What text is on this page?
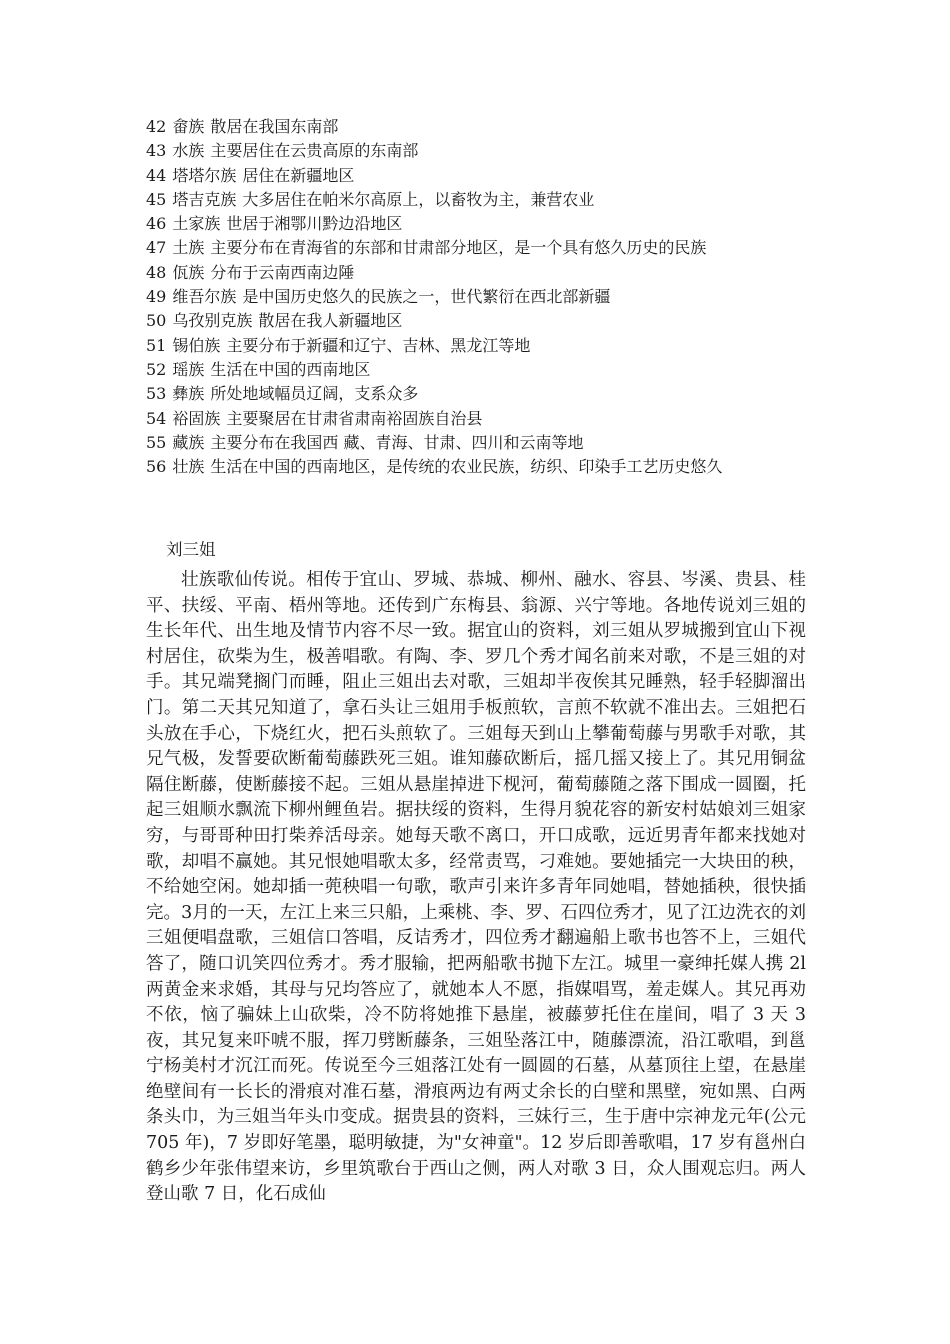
42 畲族 散居在我国东南部
43 水族 主要居住在云贵高原的东南部
44 塔塔尔族 居住在新疆地区
45 塔吉克族 大多居住在帕米尔高原上，以畜牧为主，兼营农业
46 土家族 世居于湘鄂川黔边沿地区
47 土族 主要分布在青海省的东部和甘肃部分地区，是一个具有悠久历史的民族
48 佤族 分布于云南西南边陲
49 维吾尔族 是中国历史悠久的民族之一，世代繁衍在西北部新疆
50 乌孜别克族 散居在我人新疆地区
51 锡伯族 主要分布于新疆和辽宁、吉林、黑龙江等地
52 瑶族 生活在中国的西南地区
53 彝族 所处地域幅员辽阔，支系众多
54 裕固族 主要聚居在甘肃省肃南裕固族自治县
55 藏族 主要分布在我国西 藏、青海、甘肃、四川和云南等地
56 壮族 生活在中国的西南地区，是传统的农业民族，纺织、印染手工艺历史悠久
刘三姐

壮族歌仙传说。相传于宜山、罗城、恭城、柳州、融水、容县、岑溪、贵县、桂平、扶绥、平南、梧州等地。还传到广东梅县、翁源、兴宁等地。各地传说刘三姐的生长年代、出生地及情节内容不尽一致。据宜山的资料，刘三姐从罗城搬到宜山下视村居住，砍柴为生，极善唱歌。有陶、李、罗几个秀才闻名前来对歌，不是三姐的对手。其兄端凳搁门而睡，阻止三姐出去对歌，三姐却半夜俟其兄睡熟，轻手轻脚溜出门。第二天其兄知道了，拿石头让三姐用手板煎软，言煎不软就不准出去。三姐把石头放在手心，下烧红火，把石头煎软了。三姐每天到山上攀葡萄藤与男歌手对歌，其兄气极，发誓要砍断葡萄藤跌死三姐。谁知藤砍断后，摇几摇又接上了。其兄用铜盆隔住断藤，使断藤接不起。三姐从悬崖掉进下枧河，葡萄藤随之落下围成一圆圈，托起三姐顺水飘流下柳州鲤鱼岩。据扶绥的资料，生得月貌花容的新安村姑娘刘三姐家穷，与哥哥种田打柴养活母亲。她每天歌不离口，开口成歌，远近男青年都来找她对歌，却唱不赢她。其兄恨她唱歌太多，经常责骂，刁难她。要她插完一大块田的秧，不给她空闲。她却插一蔸秧唱一句歌，歌声引来许多青年同她唱，替她插秧，很快插完。3月的一天，左江上来三只船，上乘桃、李、罗、石四位秀才，见了江边洗衣的刘三姐便唱盘歌，三姐信口答唱，反诘秀才，四位秀才翻遍船上歌书也答不上，三姐代答了，随口讥笑四位秀才。秀才服输，把两船歌书抛下左江。城里一豪绅托媒人携 2l 两黄金来求婚，其母与兄均答应了，就她本人不愿，指媒唱骂，羞走媒人。其兄再劝不依，恼了骗妹上山砍柴，冷不防将她推下悬崖，被藤萝托住在崖间，唱了 3 天 3 夜，其兄复来吓唬不服，挥刀劈断藤条，三姐坠落江中，随藤漂流，沿江歌唱，到邕宁杨美村才沉江而死。传说至今三姐落江处有一圆圆的石墓，从墓顶往上望，在悬崖绝壁间有一长长的滑痕对准石墓，滑痕两边有两丈余长的白壁和黑壁，宛如黑、白两条头巾，为三姐当年头巾变成。据贵县的资料，三妹行三，生于唐中宗神龙元年(公元 705 年)，7 岁即好笔墨，聪明敏捷，为"女神童"。12 岁后即善歌唱，17 岁有邕州白鹤乡少年张伟望来访，乡里筑歌台于西山之侧，两人对歌 3 日，众人围观忘归。两人登山歌 7 日，化石成仙
